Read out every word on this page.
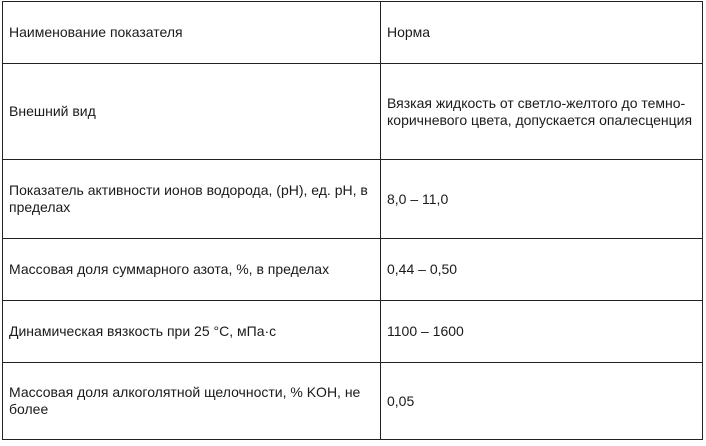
Наименование показателя	Норма
Внешний вид	Вязкая жидкость от светло-желтого до темно-коричневого цвета, допускается опалесценция
Показатель активности ионов водорода, (pH), ед. pH, в пределах	8,0 – 11,0
Массовая доля суммарного азота, %, в пределах	0,44 – 0,50
Динамическая вязкость при 25 °C, мПа·с	1100 – 1600
Массовая доля алкоголятной щелочности, % KOH, не более	0,05
